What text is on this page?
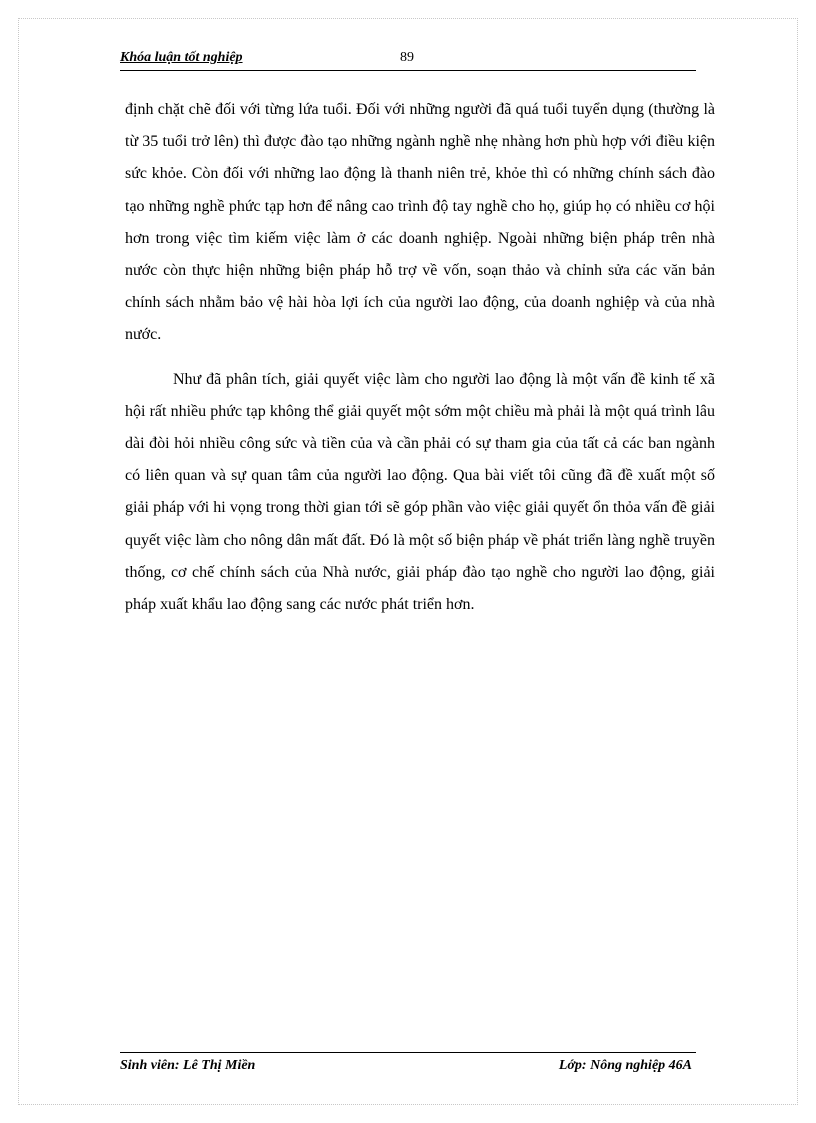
Khóa luận tốt nghiệp	89

định chặt chẽ đối với từng lứa tuổi. Đối với những người đã quá tuổi tuyển dụng (thường là từ 35 tuổi trở lên) thì được đào tạo những ngành nghề nhẹ nhàng hơn phù hợp với điều kiện sức khỏe. Còn đối với những lao động là thanh niên trẻ, khỏe thì có những chính sách đào tạo những nghề phức tạp hơn để nâng cao trình độ tay nghề cho họ, giúp họ có nhiều cơ hội hơn trong việc tìm kiếm việc làm ở các doanh nghiệp. Ngoài những biện pháp trên nhà nước còn thực hiện những biện pháp hỗ trợ về vốn, soạn thảo và chỉnh sửa các văn bản chính sách nhằm bảo vệ hài hòa lợi ích của người lao động, của doanh nghiệp và của nhà nước.

Như đã phân tích, giải quyết việc làm cho người lao động là một vấn đề kinh tế xã hội rất nhiều phức tạp không thể giải quyết một sớm một chiều mà phải là một quá trình lâu dài đòi hỏi nhiều công sức và tiền của và cần phải có sự tham gia của tất cả các ban ngành có liên quan và sự quan tâm của người lao động. Qua bài viết tôi cũng đã đề xuất một số giải pháp với hi vọng trong thời gian tới sẽ góp phần vào việc giải quyết ổn thỏa vấn đề giải quyết việc làm cho nông dân mất đất. Đó là một số biện pháp về phát triển làng nghề truyền thống, cơ chế chính sách của Nhà nước, giải pháp đào tạo nghề cho người lao động, giải pháp xuất khẩu lao động sang các nước phát triển hơn.

Sinh viên: Lê Thị Miền	Lớp: Nông nghiệp 46A
